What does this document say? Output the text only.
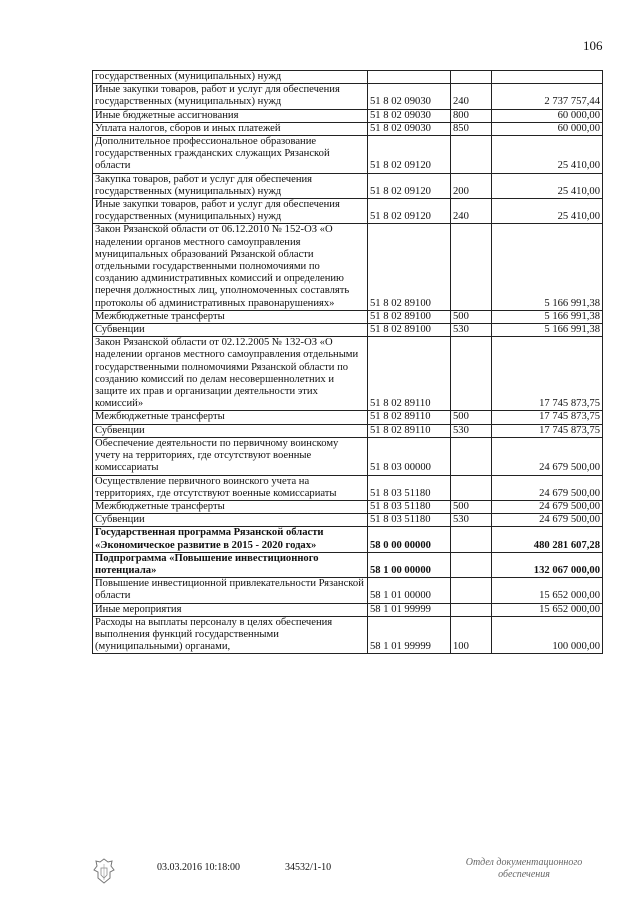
106
государственных (муниципальных) нужд			
Иные закупки товаров, работ и услуг для обеспечения государственных (муниципальных) нужд	51 8 02 09030	240	2 737 757,44
Иные бюджетные ассигнования	51 8 02 09030	800	60 000,00
Уплата налогов, сборов и иных платежей	51 8 02 09030	850	60 000,00
Дополнительное профессиональное образование государственных гражданских служащих Рязанской области	51 8 02 09120		25 410,00
Закупка товаров, работ и услуг для обеспечения государственных (муниципальных) нужд	51 8 02 09120	200	25 410,00
Иные закупки товаров, работ и услуг для обеспечения государственных (муниципальных) нужд	51 8 02 09120	240	25 410,00
Закон Рязанской области от 06.12.2010 № 152-ОЗ «О наделении органов местного самоуправления муниципальных образований Рязанской области отдельными государственными полномочиями по созданию административных комиссий и определению перечня должностных лиц, уполномоченных составлять протоколы об административных правонарушениях»	51 8 02 89100		5 166 991,38
Межбюджетные трансферты	51 8 02 89100	500	5 166 991,38
Субвенции	51 8 02 89100	530	5 166 991,38
Закон Рязанской области от 02.12.2005 № 132-ОЗ «О наделении органов местного самоуправления отдельными государственными полномочиями Рязанской области по созданию комиссий по делам несовершеннолетних и защите их прав и организации деятельности этих комиссий»	51 8 02 89110		17 745 873,75
Межбюджетные трансферты	51 8 02 89110	500	17 745 873,75
Субвенции	51 8 02 89110	530	17 745 873,75
Обеспечение деятельности по первичному воинскому учету на территориях, где отсутствуют военные комиссариаты	51 8 03 00000		24 679 500,00
Осуществление первичного воинского учета на территориях, где отсутствуют военные комиссариаты	51 8 03 51180		24 679 500,00
Межбюджетные трансферты	51 8 03 51180	500	24 679 500,00
Субвенции	51 8 03 51180	530	24 679 500,00
Государственная программа Рязанской области «Экономическое развитие в 2015 - 2020 годах»	58 0 00 00000		480 281 607,28
Подпрограмма «Повышение инвестиционного потенциала»	58 1 00 00000		132 067 000,00
Повышение инвестиционной привлекательности Рязанской области	58 1 01 00000		15 652 000,00
Иные мероприятия	58 1 01 99999		15 652 000,00
Расходы на выплаты персоналу в целях обеспечения выполнения функций государственными (муниципальными) органами,	58 1 01 99999	100	100 000,00
03.03.2016 10:18:00	34532/1-10	Отдел документационного
обеспечения
